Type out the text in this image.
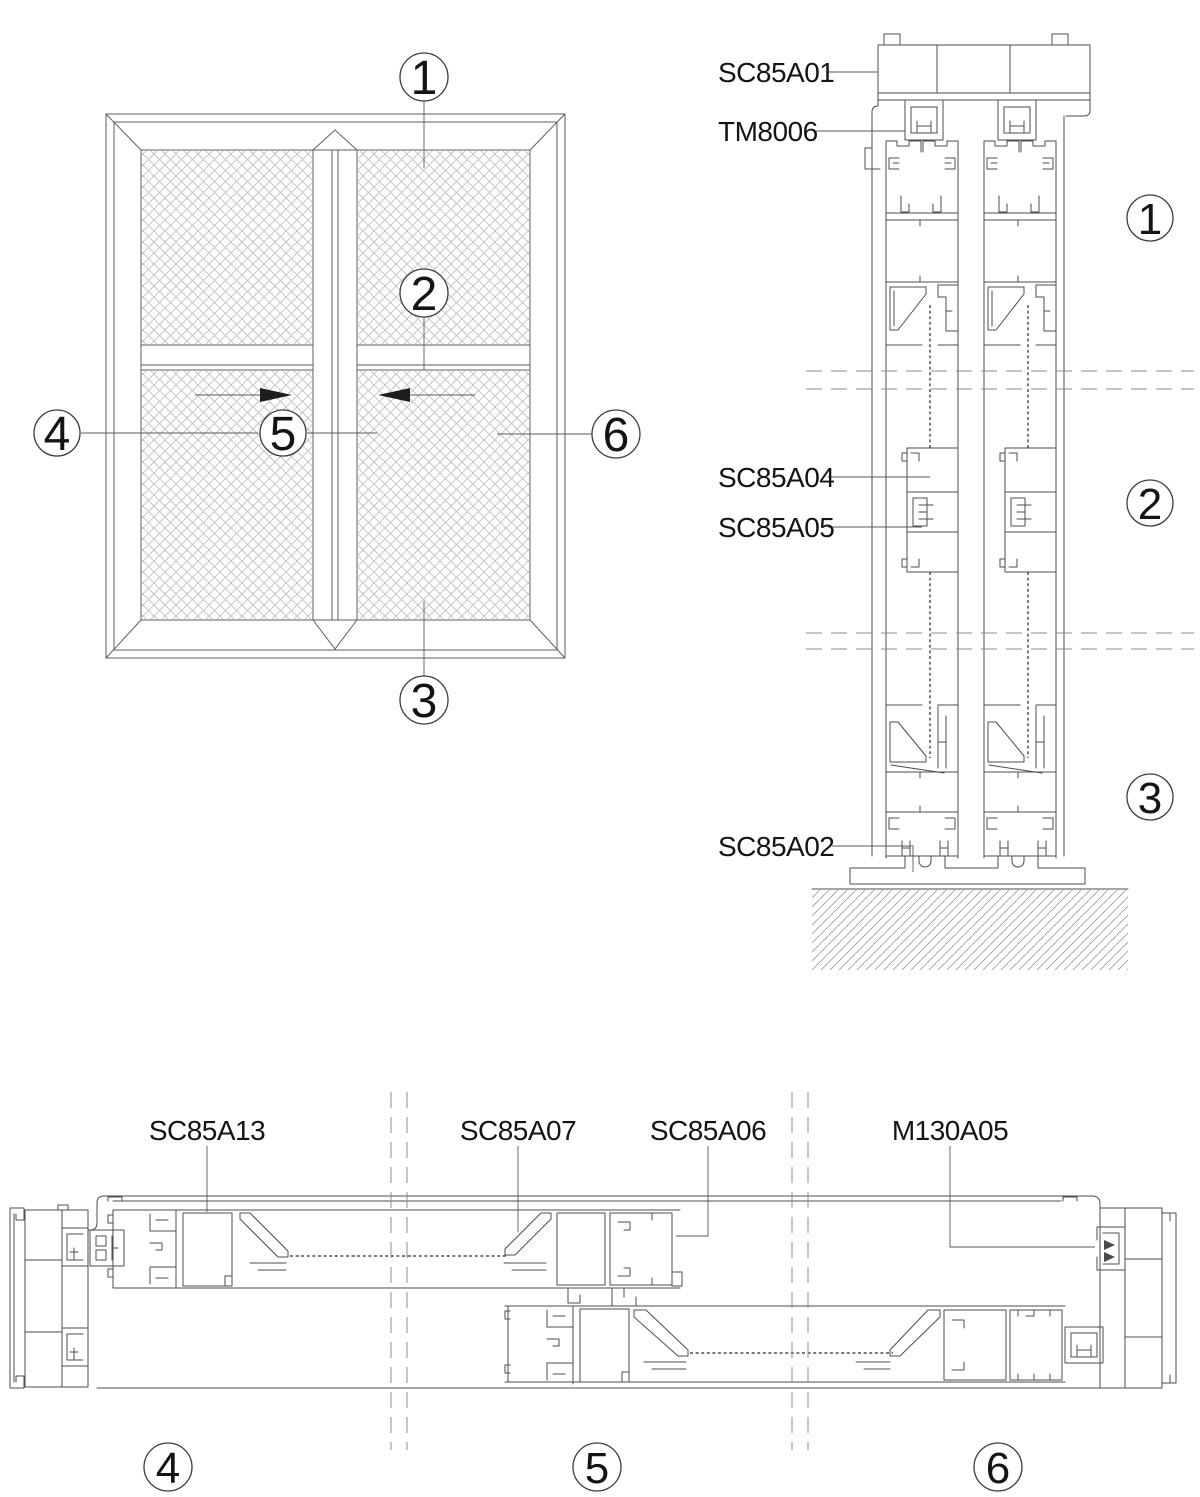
1
2
3
4	5	6
SC85A01
TM8006
SC85A04
SC85A05
SC85A02
1
2
3
SC85A13	SC85A07	SC85A06	M130A05
4	5	6
